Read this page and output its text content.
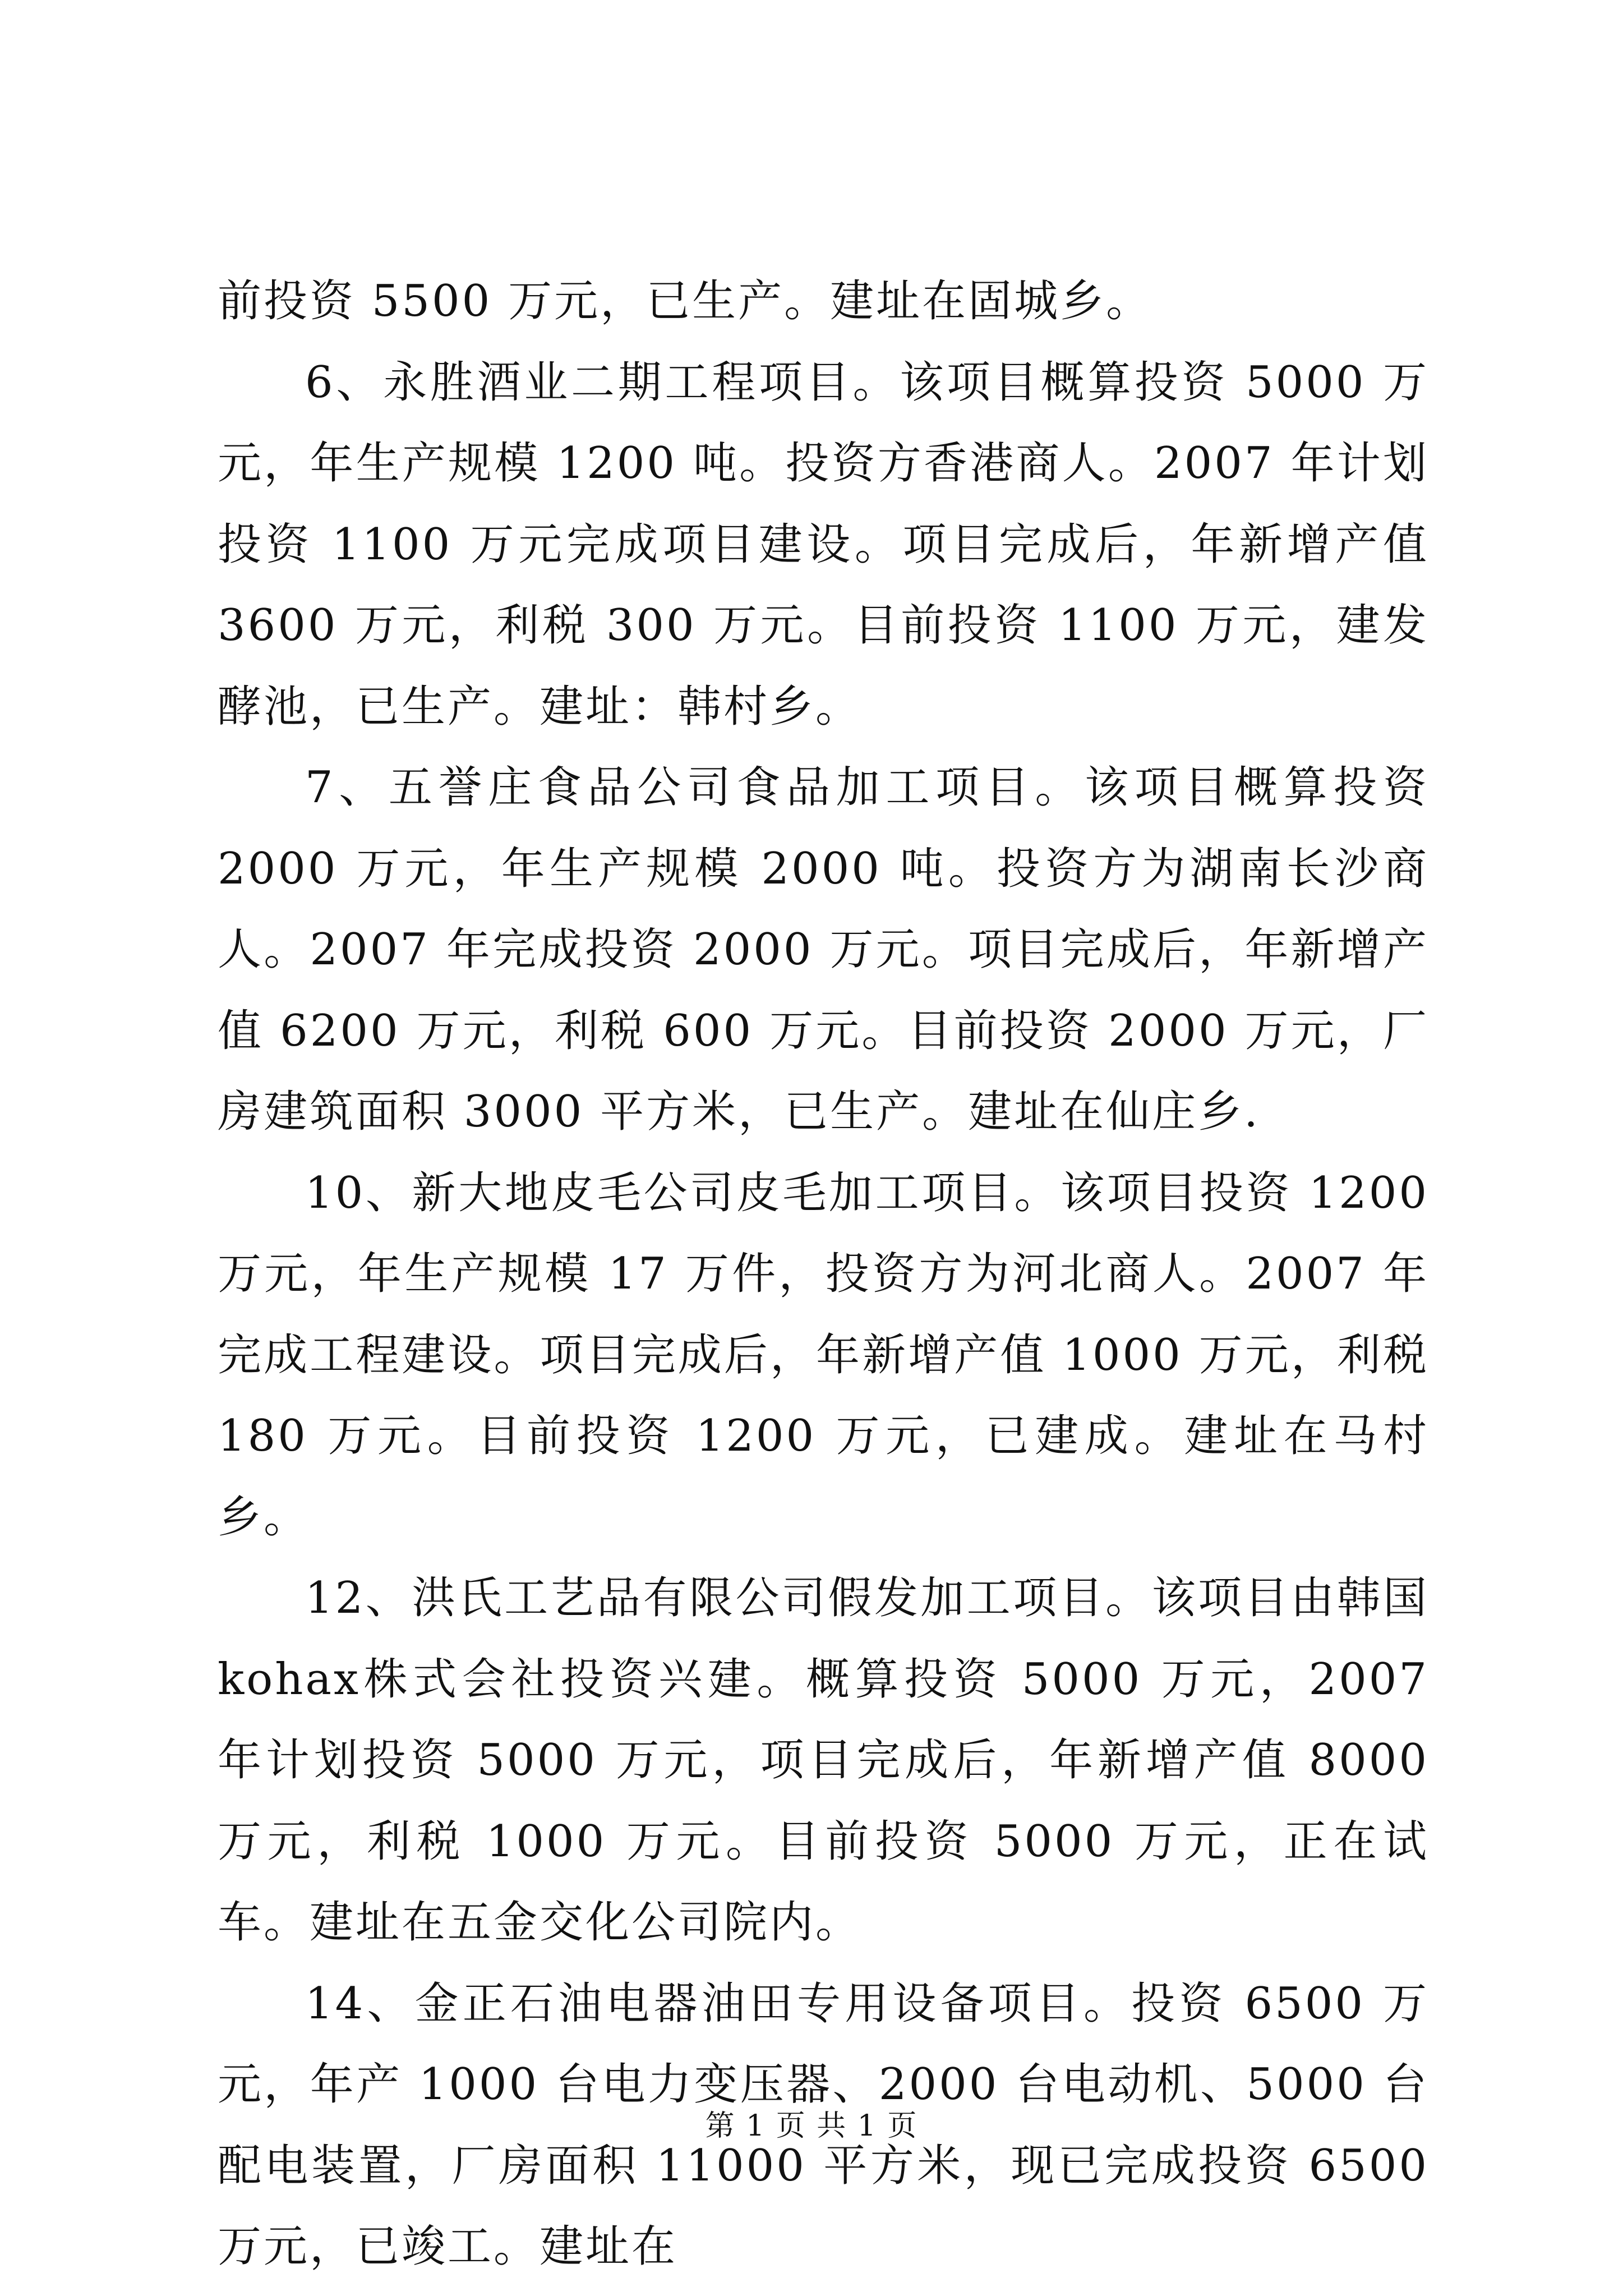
前投资 5500 万元，已生产。建址在固城乡。

6、永胜酒业二期工程项目。该项目概算投资 5000 万元，年生产规模 1200 吨。投资方香港商人。2007 年计划投资 1100 万元完成项目建设。项目完成后，年新增产值 3600 万元，利税 300 万元。目前投资 1100 万元，建发酵池，已生产。建址：韩村乡。

7、五誉庄食品公司食品加工项目。该项目概算投资 2000 万元，年生产规模 2000 吨。投资方为湖南长沙商人。2007 年完成投资 2000 万元。项目完成后，年新增产值 6200 万元，利税 600 万元。目前投资 2000 万元，厂房建筑面积 3000 平方米，已生产。建址在仙庄乡.

10、新大地皮毛公司皮毛加工项目。该项目投资 1200 万元，年生产规模 17 万件，投资方为河北商人。2007 年完成工程建设。项目完成后，年新增产值 1000 万元，利税 180 万元。目前投资 1200 万元，已建成。建址在马村乡。

12、洪氏工艺品有限公司假发加工项目。该项目由韩国kohax株式会社投资兴建。概算投资 5000 万元，2007 年计划投资 5000 万元，项目完成后，年新增产值 8000 万元，利税 1000 万元。目前投资 5000 万元，正在试车。建址在五金交化公司院内。

14、金正石油电器油田专用设备项目。投资 6500 万元，年产 1000 台电力变压器、2000 台电动机、5000 台配电装置，厂房面积 11000 平方米，现已完成投资 6500 万元，已竣工。建址在

第 1 页 共 1 页
